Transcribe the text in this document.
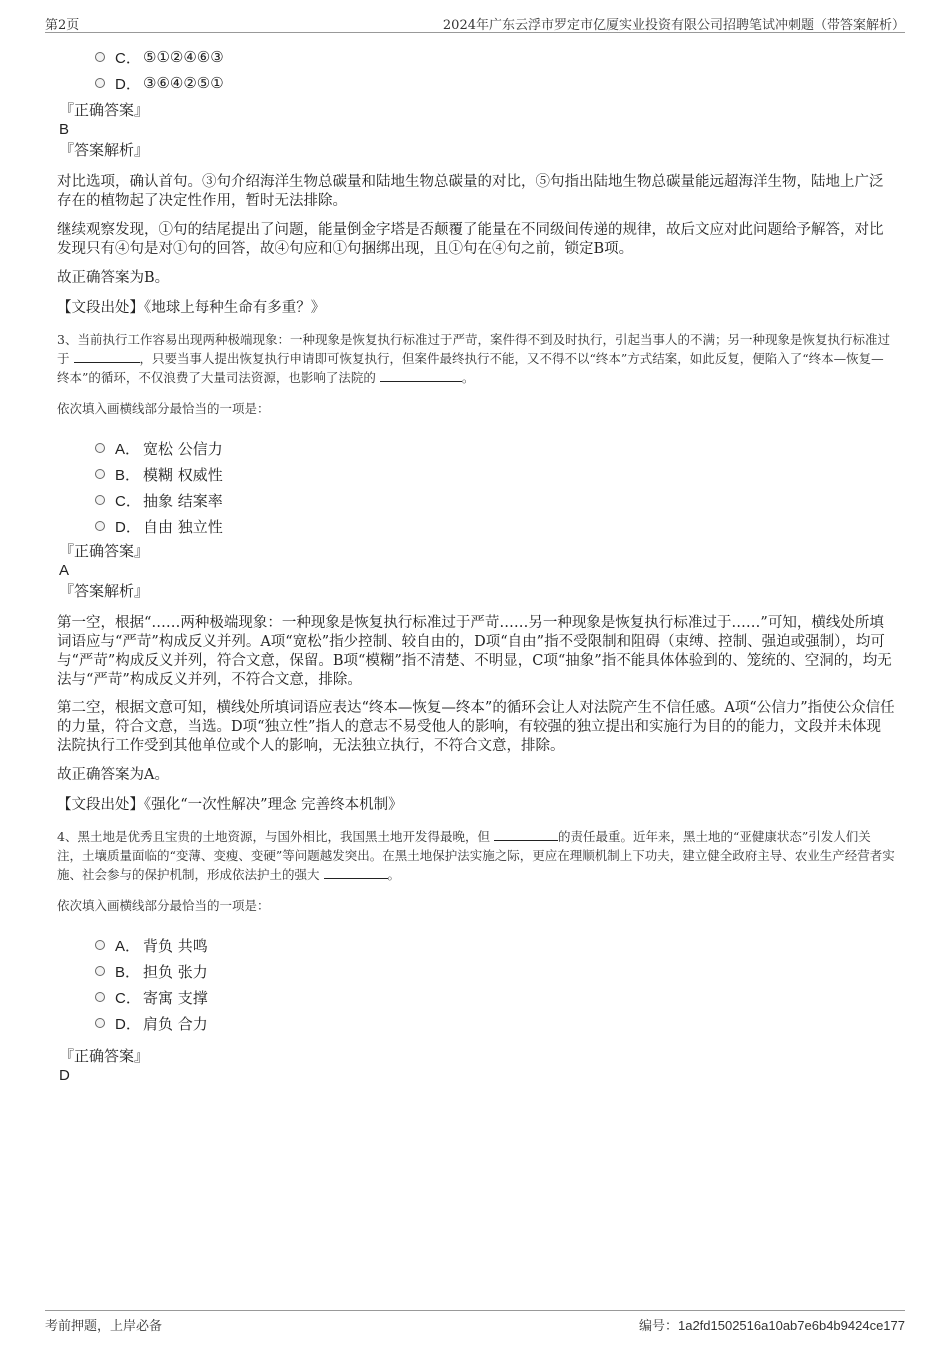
第2页	2024年广东云浮市罗定市亿厦实业投资有限公司招聘笔试冲刺题（带答案解析）
C． ⑤①②④⑥③
D． ③⑥④②⑤①
『正确答案』
B
『答案解析』

对比选项，确认首句。③句介绍海洋生物总碳量和陆地生物总碳量的对比，⑤句指出陆地生物总碳量能远超海洋生物，陆地上广泛存在的植物起了决定性作用，暂时无法排除。

继续观察发现，①句的结尾提出了问题，能量倒金字塔是否颠覆了能量在不同级间传递的规律，故后文应对此问题给予解答，对比发现只有④句是对①句的回答，故④句应和①句捆绑出现，且①句在④句之前，锁定B项。

故正确答案为B。

【文段出处】《地球上每种生命有多重？》

3、当前执行工作容易出现两种极端现象：一种现象是恢复执行标准过于严苛，案件得不到及时执行，引起当事人的不满；另一种现象是恢复执行标准过于	，只要当事人提出恢复执行申请即可恢复执行，但案件最终执行不能，又不得不以“终本”方式结案，如此反复，便陷入了“终本—恢复—终本”的循环，不仅浪费了大量司法资源，也影响了法院的	。

依次填入画横线部分最恰当的一项是：

A． 宽松 公信力
B． 模糊 权威性
C． 抽象 结案率
D． 自由 独立性
『正确答案』
A
『答案解析』

第一空，根据“……两种极端现象：一种现象是恢复执行标准过于严苛……另一种现象是恢复执行标准过于……”可知，横线处所填词语应与“严苛”构成反义并列。A项“宽松”指少控制、较自由的，D项“自由”指不受限制和阻碍（束缚、控制、强迫或强制），均可与“严苛”构成反义并列，符合文意，保留。B项“模糊”指不清楚、不明显，C项“抽象”指不能具体体验到的、笼统的、空洞的，均无法与“严苛”构成反义并列，不符合文意，排除。

第二空，根据文意可知，横线处所填词语应表达“终本—恢复—终本”的循环会让人对法院产生不信任感。A项“公信力”指使公众信任的力量，符合文意，当选。D项“独立性”指人的意志不易受他人的影响，有较强的独立提出和实施行为目的的能力，文段并未体现法院执行工作受到其他单位或个人的影响，无法独立执行，不符合文意，排除。

故正确答案为A。

【文段出处】《强化“一次性解决”理念 完善终本机制》

4、黑土地是优秀且宝贵的土地资源，与国外相比，我国黑土地开发得最晚，但	的责任最重。近年来，黑土地的“亚健康状态”引发人们关注，土壤质量面临的“变薄、变瘦、变硬”等问题越发突出。在黑土地保护法实施之际，更应在理顺机制上下功夫，建立健全政府主导、农业生产经营者实施、社会参与的保护机制，形成依法护土的强大	。

依次填入画横线部分最恰当的一项是：

A． 背负 共鸣
B． 担负 张力
C． 寄寓 支撑
D． 肩负 合力
『正确答案』
D
考前押题，上岸必备	编号：1a2fd1502516a10ab7e6b4b9424ce177
